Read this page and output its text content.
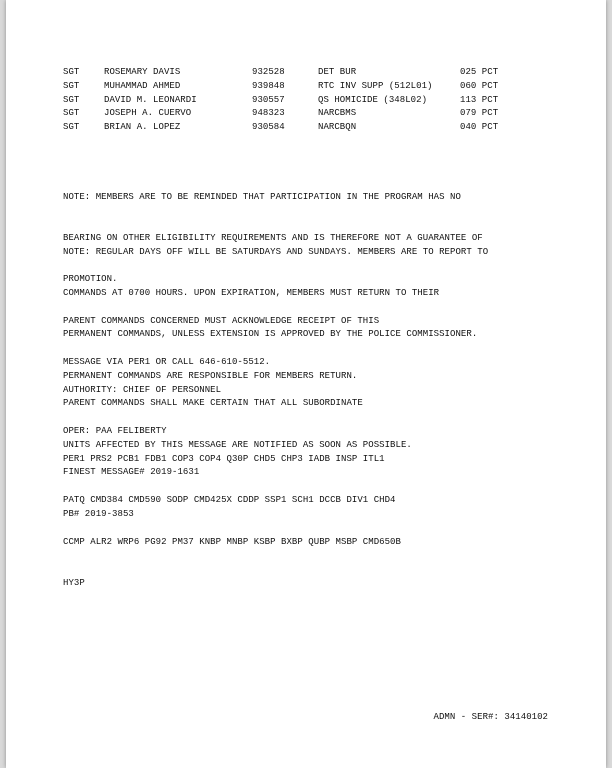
SGT	ROSEMARY DAVIS	932528	DET BUR	025 PCT
SGT	MUHAMMAD AHMED	939848	RTC INV SUPP (512L01)	060 PCT
SGT	DAVID M. LEONARDI	930557	QS HOMICIDE (348L02)	113 PCT
SGT	JOSEPH A. CUERVO	948323	NARCBMS	079 PCT
SGT	BRIAN A. LOPEZ	930584	NARCBQN	040 PCT

NOTE: MEMBERS ARE TO BE REMINDED THAT PARTICIPATION IN THE PROGRAM HAS NO

BEARING ON OTHER ELIGIBILITY REQUIREMENTS AND IS THEREFORE NOT A GUARANTEE OF

PROMOTION.

NOTE: REGULAR DAYS OFF WILL BE SATURDAYS AND SUNDAYS. MEMBERS ARE TO REPORT TO

COMMANDS AT 0700 HOURS. UPON EXPIRATION, MEMBERS MUST RETURN TO THEIR

PERMANENT COMMANDS, UNLESS EXTENSION IS APPROVED BY THE POLICE COMMISSIONER.

PERMANENT COMMANDS ARE RESPONSIBLE FOR MEMBERS RETURN.

PARENT COMMANDS CONCERNED MUST ACKNOWLEDGE RECEIPT OF THIS

MESSAGE VIA PER1 OR CALL 646-610-5512.

PARENT COMMANDS SHALL MAKE CERTAIN THAT ALL SUBORDINATE

UNITS AFFECTED BY THIS MESSAGE ARE NOTIFIED AS SOON AS POSSIBLE.

AUTHORITY: CHIEF OF PERSONNEL

OPER: PAA FELIBERTY

FINEST MESSAGE# 2019-1631

PB# 2019-3853

PER1 PRS2 PCB1 FDB1 COP3 COP4 Q30P CHD5 CHP3 IADB INSP ITL1

PATQ CMD384 CMD590 SODP CMD425X CDDP SSP1 SCH1 DCCB DIV1 CHD4

CCMP ALR2 WRP6 PG92 PM37 KNBP MNBP KSBP BXBP QUBP MSBP CMD650B

HY3P

ADMN - SER#: 34140102
